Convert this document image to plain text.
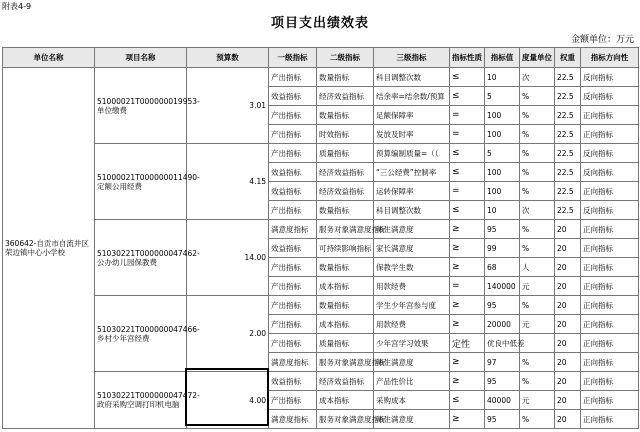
附表4-9
项目支出绩效表
金额单位：万元
单位名称	项目名称	预算数	一级指标	二级指标	三级指标	指标性质	指标值	度量单位	权重	指标方向性
360642-自贡市自流井区荣边镇中心小学校	51000021T000000019953-单位缴费	3.01	产出指标	数量指标	科目调整次数	≤	10	次	22.5	反向指标
			效益指标	经济效益指标	结余率=结余数/预算	≤	5	%	22.5	反向指标
			产出指标	数量指标	足额保障率	=	100	%	22.5	正向指标
			产出指标	时效指标	发放及时率	=	100	%	22.5	正向指标
	51000021T000000011490-定额公用经费	4.15	产出指标	质量指标	预算编制质量=（（	≤	5	%	22.5	反向指标
			效益指标	经济效益指标	“三公经费”控制率	≤	100	%	22.5	反向指标
			效益指标	经济效益指标	运转保障率	=	100	%	22.5	正向指标
			产出指标	数量指标	科目调整次数	≤	10	次	22.5	反向指标
	51030221T000000047462-公办幼儿园保教费	14.00	满意度指标	服务对象满意度指标	师生满意度	≥	95	%	20	正向指标
			效益指标	可持续影响指标	家长满意度	≥	99	%	20	正向指标
			产出指标	数量指标	保教学生数	≥	68	人	20	正向指标
			产出指标	成本指标	用款经费	=	140000	元	20	正向指标
	51030221T000000047466-乡村少年宫经费	2.00	产出指标	数量指标	学生少年宫参与度	≥	95	%	20	正向指标
			产出指标	成本指标	用款经费	≥	20000	元	20	正向指标
			产出指标	质量指标	少年宫学习效果	定性	优良中低差		20	正向指标
			满意度指标	服务对象满意度指标	师生满意度	≥	97	%	20	正向指标
	51030221T000000047472-政府采购空调打印机电脑	4.00	效益指标	经济效益指标	产品性价比	≥	95	%	20	正向指标
			产出指标	成本指标	采购成本	≤	40000	元	20	正向指标
			满意度指标	服务对象满意度指标	师生满意度	≥	95	%	20	正向指标
